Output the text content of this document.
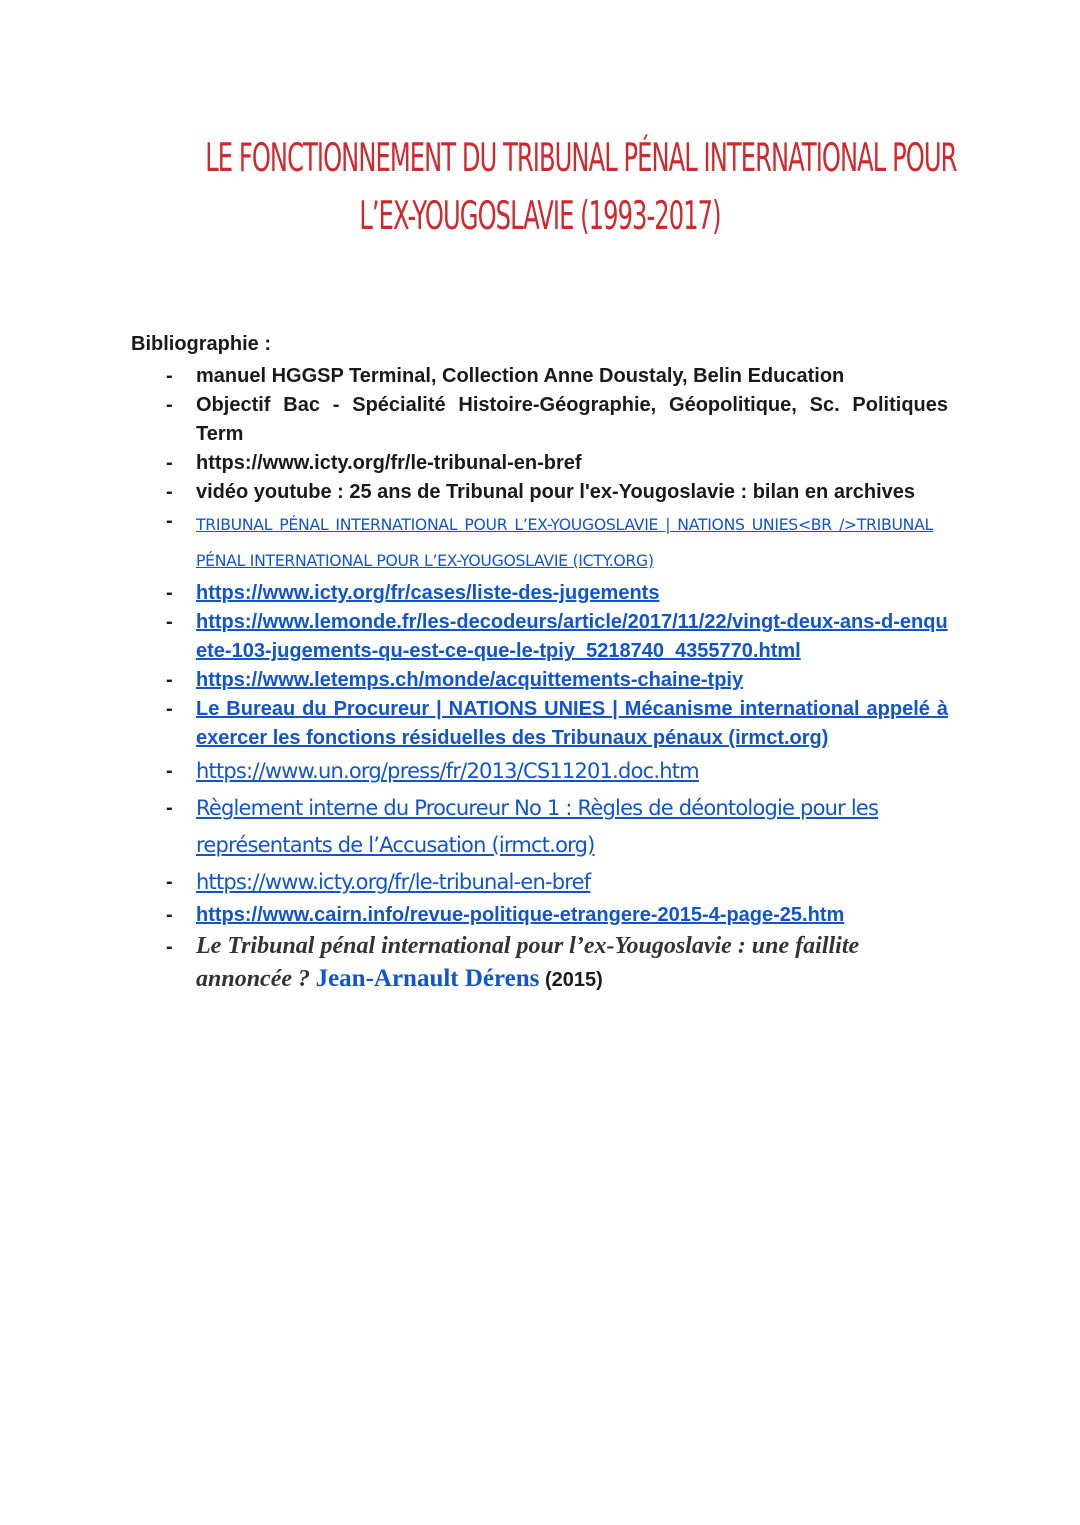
LE FONCTIONNEMENT DU TRIBUNAL PÉNAL INTERNATIONAL POUR
L’EX-YOUGOSLAVIE (1993-2017)
Bibliographie :
- manuel HGGSP Terminal, Collection Anne Doustaly, Belin Education
- Objectif Bac - Spécialité Histoire-Géographie, Géopolitique, Sc. Politiques Term
- https://www.icty.org/fr/le-tribunal-en-bref
- vidéo youtube : 25 ans de Tribunal pour l'ex-Yougoslavie : bilan en archives
- TRIBUNAL PÉNAL INTERNATIONAL POUR L’EX-YOUGOSLAVIE | NATIONS UNIES<BR />TRIBUNAL PÉNAL INTERNATIONAL POUR L’EX-YOUGOSLAVIE (ICTY.ORG)
- https://www.icty.org/fr/cases/liste-des-jugements
- https://www.lemonde.fr/les-decodeurs/article/2017/11/22/vingt-deux-ans-d-enquete-103-jugements-qu-est-ce-que-le-tpiy_5218740_4355770.html
- https://www.letemps.ch/monde/acquittements-chaine-tpiy
- Le Bureau du Procureur | NATIONS UNIES | Mécanisme international appelé à exercer les fonctions résiduelles des Tribunaux pénaux (irmct.org)
- https://www.un.org/press/fr/2013/CS11201.doc.htm
- Règlement interne du Procureur No 1 : Règles de déontologie pour les représentants de l’Accusation (irmct.org)
- https://www.icty.org/fr/le-tribunal-en-bref
- https://www.cairn.info/revue-politique-etrangere-2015-4-page-25.htm
- Le Tribunal pénal international pour l’ex-Yougoslavie : une faillite annoncée ? Jean-Arnault Dérens (2015)
